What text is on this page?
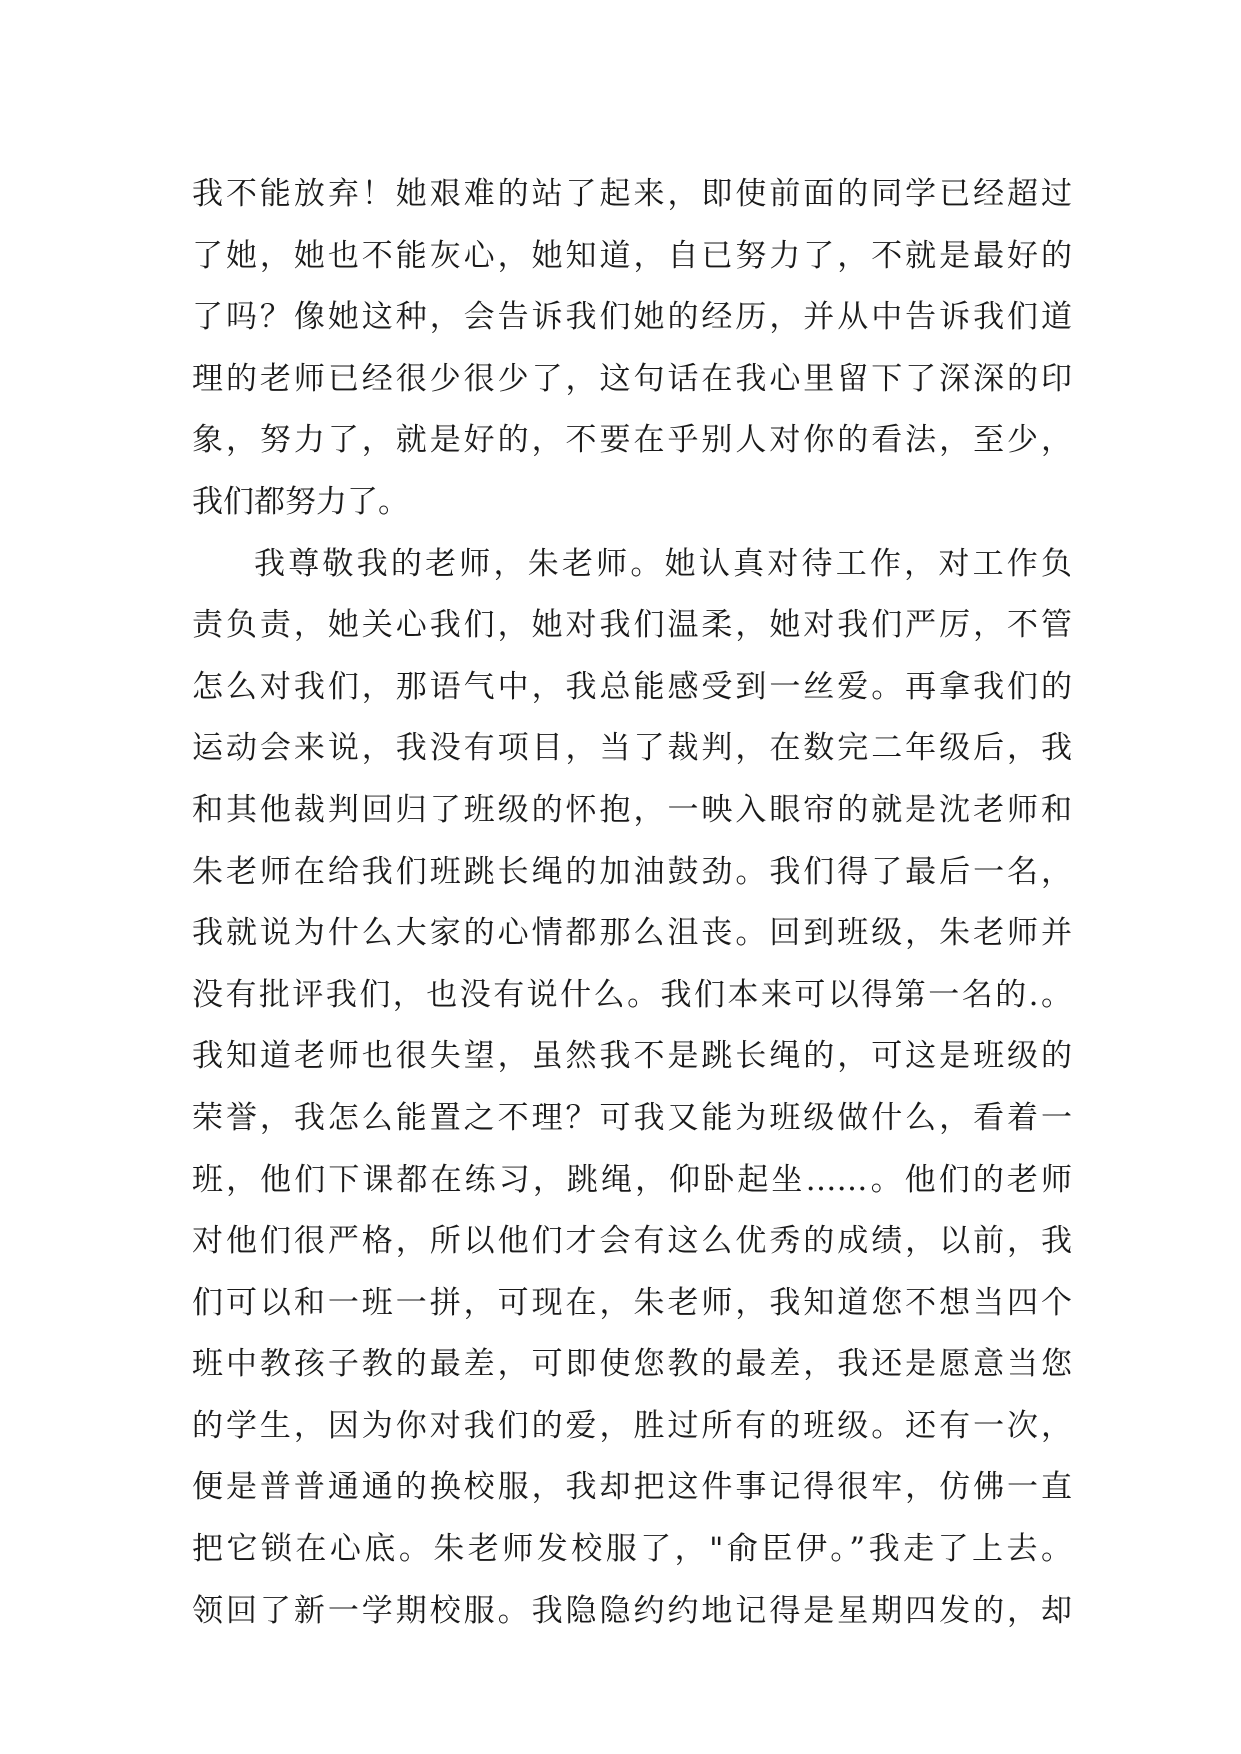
我不能放弃！她艰难的站了起来，即使前面的同学已经超过
了她，她也不能灰心，她知道，自已努力了，不就是最好的
了吗？像她这种，会告诉我们她的经历，并从中告诉我们道
理的老师已经很少很少了，这句话在我心里留下了深深的印
象，努力了，就是好的，不要在乎别人对你的看法，至少，
我们都努力了。
我尊敬我的老师，朱老师。她认真对待工作，对工作负
责负责，她关心我们，她对我们温柔，她对我们严厉，不管
怎么对我们，那语气中，我总能感受到一丝爱。再拿我们的
运动会来说，我没有项目，当了裁判，在数完二年级后，我
和其他裁判回归了班级的怀抱，一映入眼帘的就是沈老师和
朱老师在给我们班跳长绳的加油鼓劲。我们得了最后一名，
我就说为什么大家的心情都那么沮丧。回到班级，朱老师并
没有批评我们，也没有说什么。我们本来可以得第一名的.。
我知道老师也很失望，虽然我不是跳长绳的，可这是班级的
荣誉，我怎么能置之不理？可我又能为班级做什么，看着一
班，他们下课都在练习，跳绳，仰卧起坐……。他们的老师
对他们很严格，所以他们才会有这么优秀的成绩，以前，我
们可以和一班一拼，可现在，朱老师，我知道您不想当四个
班中教孩子教的最差，可即使您教的最差，我还是愿意当您
的学生，因为你对我们的爱，胜过所有的班级。还有一次，
便是普普通通的换校服，我却把这件事记得很牢，仿佛一直
把它锁在心底。朱老师发校服了，"俞臣伊。”我走了上去。
领回了新一学期校服。我隐隐约约地记得是星期四发的，却
